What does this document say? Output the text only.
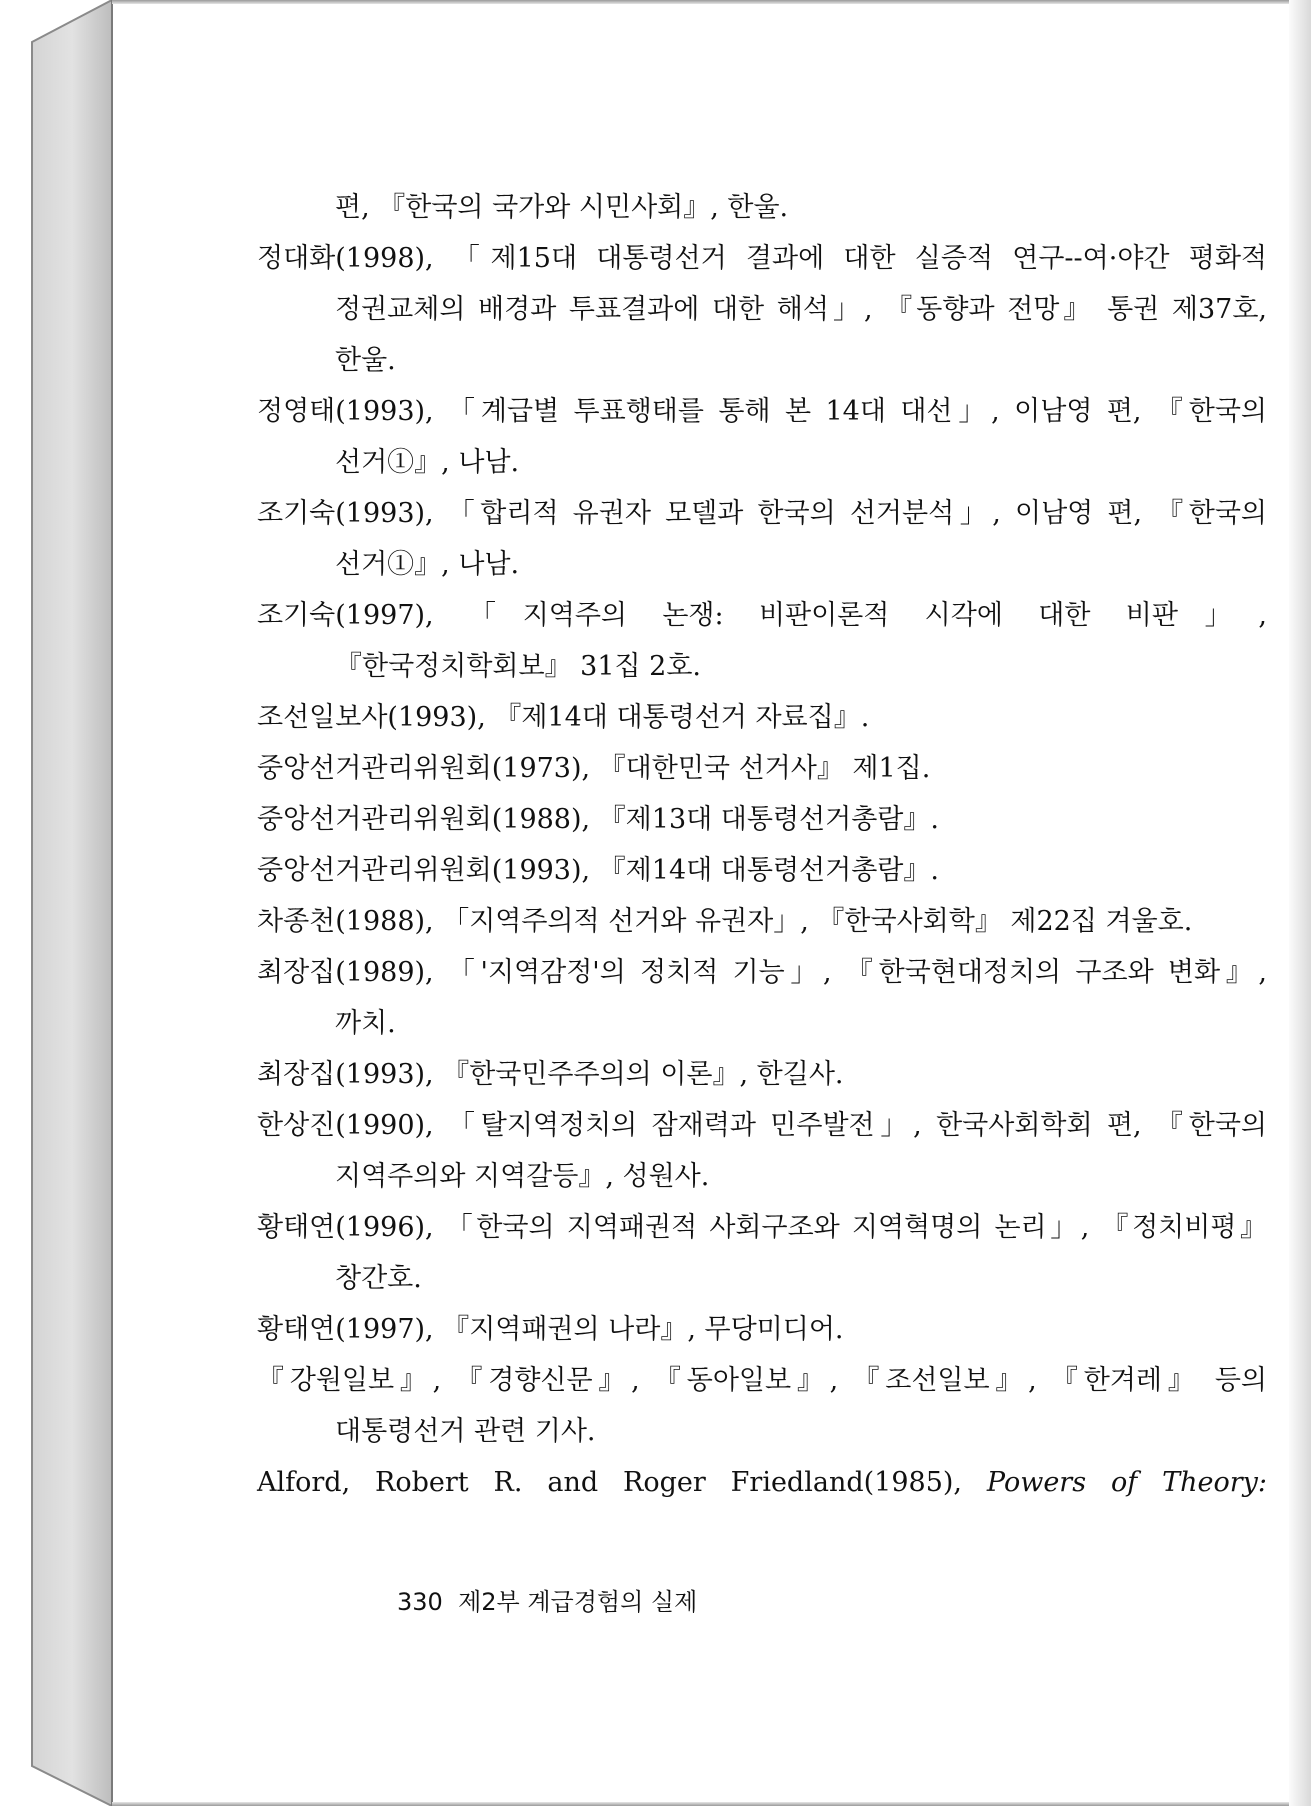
편, 『한국의 국가와 시민사회』, 한울.

정대화(1998), 「제15대 대통령선거 결과에 대한 실증적 연구--여·야간 평화적 정권교체의 배경과 투표결과에 대한 해석」, 『동향과 전망』 통권 제37호, 한울.

정영태(1993), 「계급별 투표행태를 통해 본 14대 대선」, 이남영 편, 『한국의 선거①』, 나남.

조기숙(1993), 「합리적 유권자 모델과 한국의 선거분석」, 이남영 편, 『한국의 선거①』, 나남.

조기숙(1997), 「지역주의 논쟁: 비판이론적 시각에 대한 비판」, 『한국정치학회보』 31집 2호.

조선일보사(1993), 『제14대 대통령선거 자료집』.

중앙선거관리위원회(1973), 『대한민국 선거사』 제1집.

중앙선거관리위원회(1988), 『제13대 대통령선거총람』.

중앙선거관리위원회(1993), 『제14대 대통령선거총람』.

차종천(1988), 「지역주의적 선거와 유권자」, 『한국사회학』 제22집 겨울호.

최장집(1989), 「'지역감정'의 정치적 기능」, 『한국현대정치의 구조와 변화』, 까치.

최장집(1993), 『한국민주주의의 이론』, 한길사.

한상진(1990), 「탈지역정치의 잠재력과 민주발전」, 한국사회학회 편, 『한국의 지역주의와 지역갈등』, 성원사.

황태연(1996), 「한국의 지역패권적 사회구조와 지역혁명의 논리」, 『정치비평』 창간호.

황태연(1997), 『지역패권의 나라』, 무당미디어.

『강원일보』, 『경향신문』, 『동아일보』, 『조선일보』, 『한겨레』 등의 대통령선거 관련 기사.

Alford, Robert R. and Roger Friedland(1985), Powers of Theory:

330 제2부 계급경험의 실제
